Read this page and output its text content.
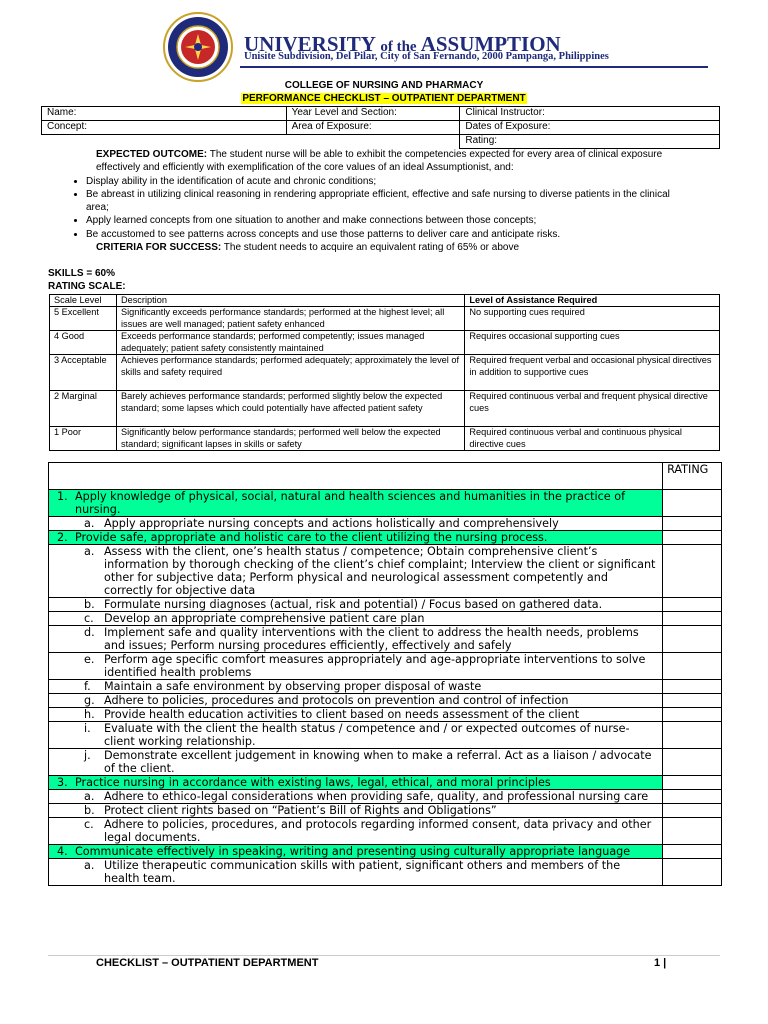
UNIVERSITY of the ASSUMPTION
Unisite Subdivision, Del Pilar, City of San Fernando, 2000 Pampanga, Philippines
COLLEGE OF NURSING AND PHARMACY
PERFORMANCE CHECKLIST – OUTPATIENT DEPARTMENT
Name:	Year Level and Section:	Clinical Instructor:
Concept:	Area of Exposure:	Dates of Exposure:
		Rating:

EXPECTED OUTCOME: The student nurse will be able to exhibit the competencies expected for every area of clinical exposure effectively and efficiently with exemplification of the core values of an ideal Assumptionist, and:

• Display ability in the identification of acute and chronic conditions;
• Be abreast in utilizing clinical reasoning in rendering appropriate efficient, effective and safe nursing to diverse patients in the clinical area;
• Apply learned concepts from one situation to another and make connections between those concepts;
• Be accustomed to see patterns across concepts and use those patterns to deliver care and anticipate risks.

CRITERIA FOR SUCCESS: The student needs to acquire an equivalent rating of 65% or above

SKILLS = 60%
RATING SCALE:
Scale Level	Description	Level of Assistance Required
5 Excellent	Significantly exceeds performance standards; performed at the highest level; all issues are well managed; patient safety enhanced	No supporting cues required
4 Good	Exceeds performance standards; performed competently; issues managed adequately; patient safety consistently maintained	Requires occasional supporting cues
3 Acceptable	Achieves performance standards; performed adequately; approximately the level of skills and safety required	Required frequent verbal and occasional physical directives in addition to supportive cues
2 Marginal	Barely achieves performance standards; performed slightly below the expected standard; some lapses which could potentially have affected patient safety	Required continuous verbal and frequent physical directive cues
1 Poor	Significantly below performance standards; performed well below the expected standard; significant lapses in skills or safety	Required continuous verbal and continuous physical directive cues
	RATING
1. Apply knowledge of physical, social, natural and health sciences and humanities in the practice of nursing.	
a. Apply appropriate nursing concepts and actions holistically and comprehensively	
2. Provide safe, appropriate and holistic care to the client utilizing the nursing process.	
a. Assess with the client, one’s health status / competence; Obtain comprehensive client’s information by thorough checking of the client’s chief complaint; Interview the client or significant other for subjective data; Perform physical and neurological assessment competently and correctly for objective data	
b. Formulate nursing diagnoses (actual, risk and potential) / Focus based on gathered data.	
c. Develop an appropriate comprehensive patient care plan	
d. Implement safe and quality interventions with the client to address the health needs, problems and issues; Perform nursing procedures efficiently, effectively and safely	
e. Perform age specific comfort measures appropriately and age-appropriate interventions to solve identified health problems	
f. Maintain a safe environment by observing proper disposal of waste	
g. Adhere to policies, procedures and protocols on prevention and control of infection	
h. Provide health education activities to client based on needs assessment of the client	
i. Evaluate with the client the health status / competence and / or expected outcomes of nurse-client working relationship.	
j. Demonstrate excellent judgement in knowing when to make a referral. Act as a liaison / advocate of the client.	
3. Practice nursing in accordance with existing laws, legal, ethical, and moral principles	
a. Adhere to ethico-legal considerations when providing safe, quality, and professional nursing care	
b. Protect client rights based on “Patient’s Bill of Rights and Obligations”	
c. Adhere to policies, procedures, and protocols regarding informed consent, data privacy and other legal documents.	
4. Communicate effectively in speaking, writing and presenting using culturally appropriate language	
a. Utilize therapeutic communication skills with patient, significant others and members of the health team.	
CHECKLIST – OUTPATIENT DEPARTMENT	1 |
